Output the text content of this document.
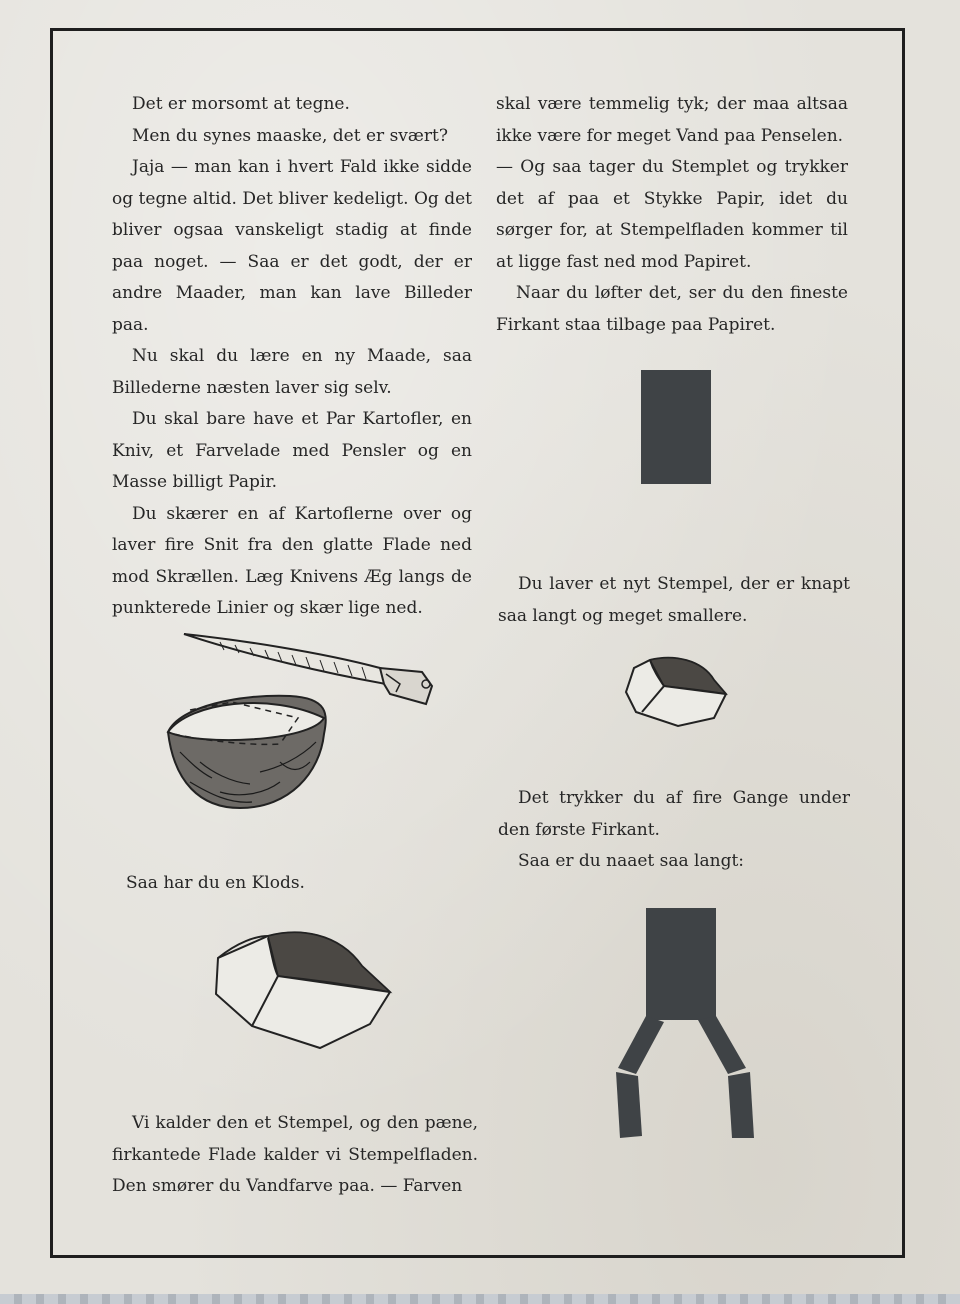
Det er morsomt at tegne.

Men du synes maaske, det er svært?

Jaja — man kan i hvert Fald ikke sidde og tegne altid. Det bliver kedeligt. Og det bliver ogsaa vanskeligt stadig at finde paa noget. — Saa er det godt, der er andre Maader, man kan lave Billeder paa.

Nu skal du lære en ny Maade, saa Billederne næsten laver sig selv.

Du skal bare have et Par Kartofler, en Kniv, et Farvelade med Pensler og en Masse billigt Papir.

Du skærer en af Kartoflerne over og laver fire Snit fra den glatte Flade ned mod Skrællen. Læg Knivens Æg langs de punkterede Linier og skær lige ned.

Saa har du en Klods.

Vi kalder den et Stempel, og den pæne, firkantede Flade kalder vi Stempelfladen. Den smører du Vandfarve paa. — Farven

skal være temmelig tyk; der maa altsaa ikke være for meget Vand paa Penselen.

— Og saa tager du Stemplet og trykker det af paa et Stykke Papir, idet du sørger for, at Stempelfladen kommer til at ligge fast ned mod Papiret.

Naar du løfter det, ser du den fineste Firkant staa tilbage paa Papiret.

Du laver et nyt Stempel, der er knapt saa langt og meget smallere.

Det trykker du af fire Gange under den første Firkant.

Saa er du naaet saa langt:
